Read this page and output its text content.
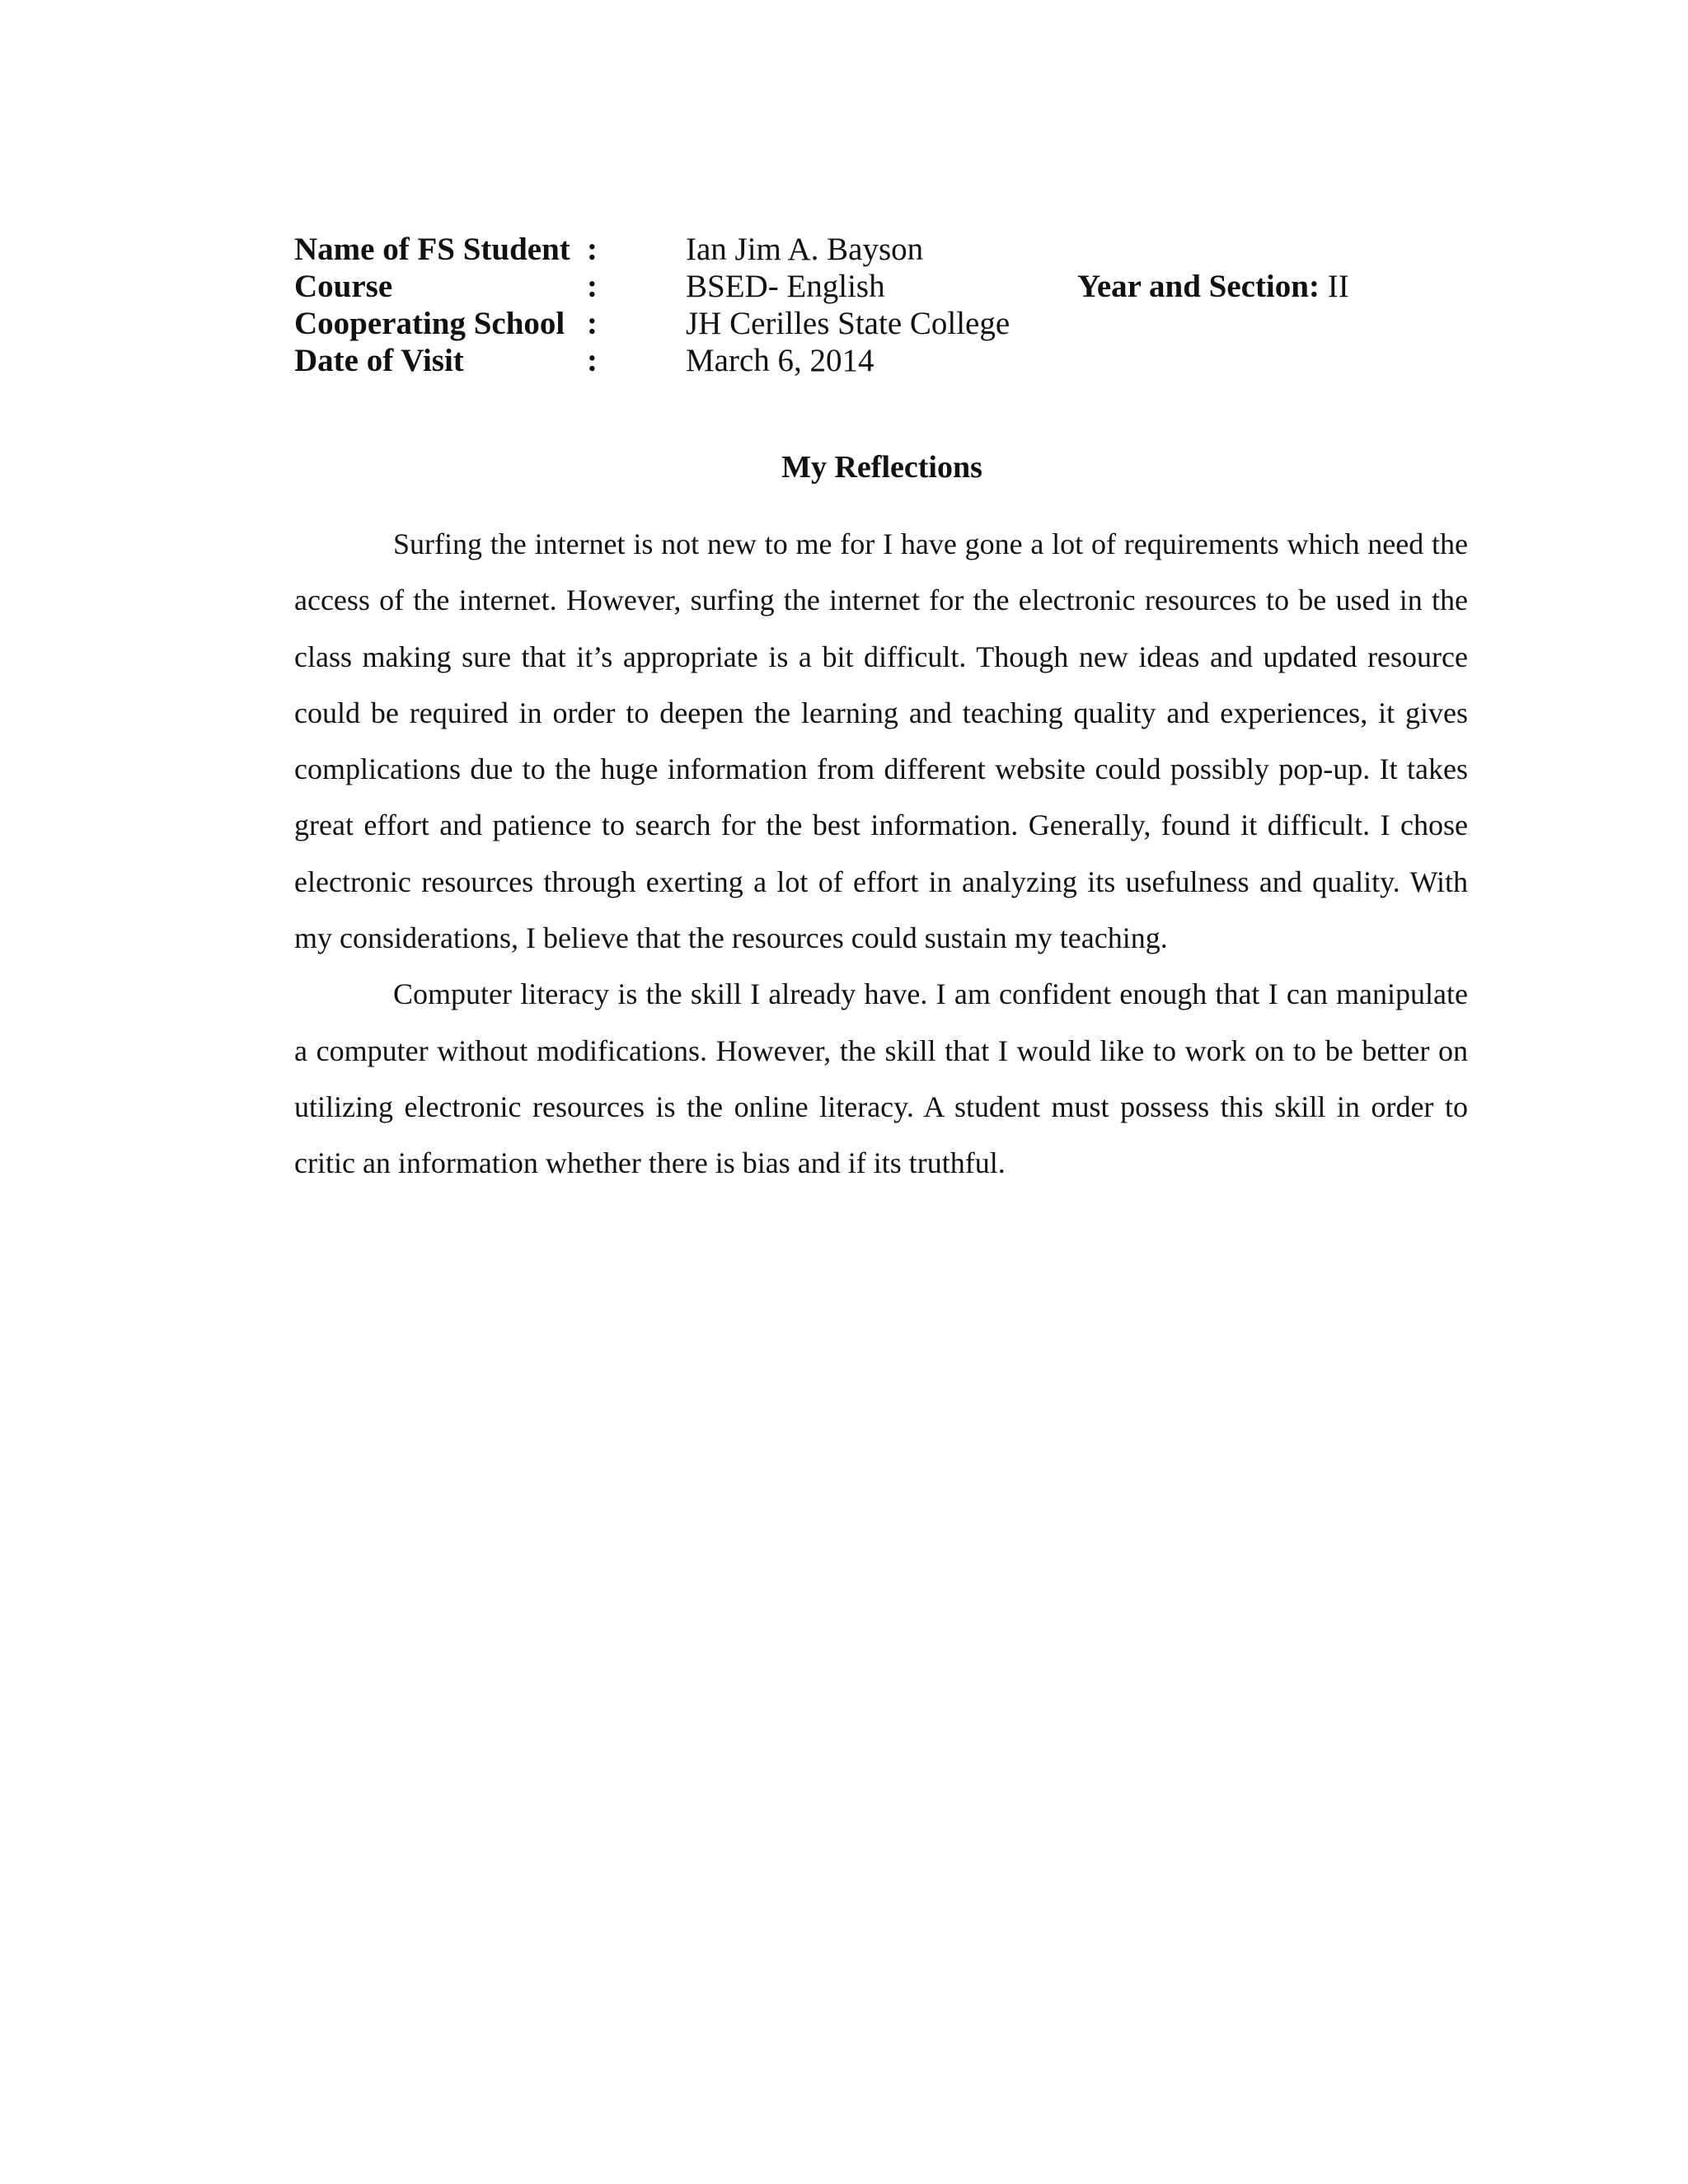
Name of FS Student :	Ian Jim A. Bayson
Course	:	BSED- English	Year and Section: II
Cooperating School :	JH Cerilles State College
Date of Visit	:	March 6, 2014
My Reflections

Surfing the internet is not new to me for I have gone a lot of requirements which need the access of the internet. However, surfing the internet for the electronic resources to be used in the class making sure that it’s appropriate is a bit difficult. Though new ideas and updated resource could be required in order to deepen the learning and teaching quality and experiences, it gives complications due to the huge information from different website could possibly pop-up. It takes great effort and patience to search for the best information. Generally, found it difficult. I chose electronic resources through exerting a lot of effort in analyzing its usefulness and quality. With my considerations, I believe that the resources could sustain my teaching.

Computer literacy is the skill I already have. I am confident enough that I can manipulate a computer without modifications. However, the skill that I would like to work on to be better on utilizing electronic resources is the online literacy. A student must possess this skill in order to critic an information whether there is bias and if its truthful.
